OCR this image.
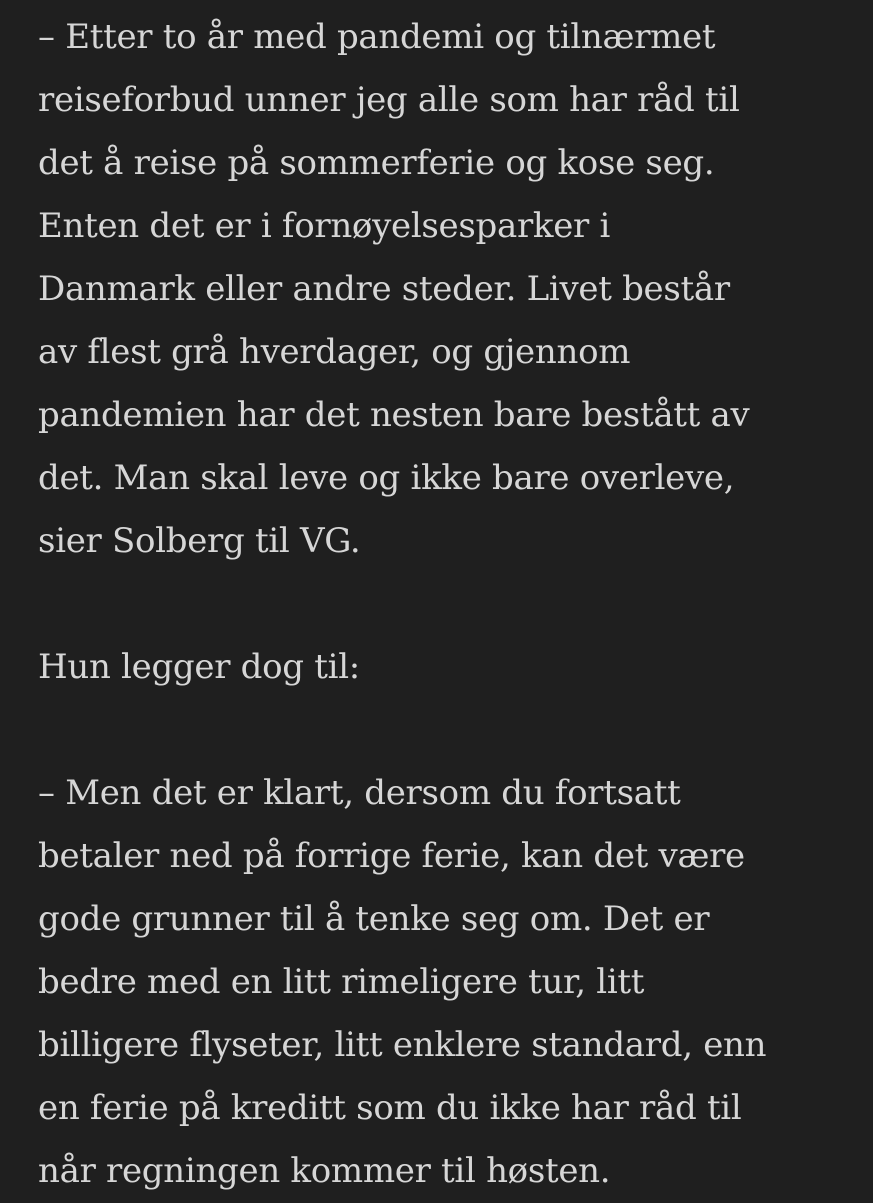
– Etter to år med pandemi og tilnærmet
reiseforbud unner jeg alle som har råd til
det å reise på sommerferie og kose seg.
Enten det er i fornøyelsesparker i
Danmark eller andre steder. Livet består
av flest grå hverdager, og gjennom
pandemien har det nesten bare bestått av
det. Man skal leve og ikke bare overleve,
sier Solberg til VG.
Hun legger dog til:
– Men det er klart, dersom du fortsatt
betaler ned på forrige ferie, kan det være
gode grunner til å tenke seg om. Det er
bedre med en litt rimeligere tur, litt
billigere flyseter, litt enklere standard, enn
en ferie på kreditt som du ikke har råd til
når regningen kommer til høsten.
